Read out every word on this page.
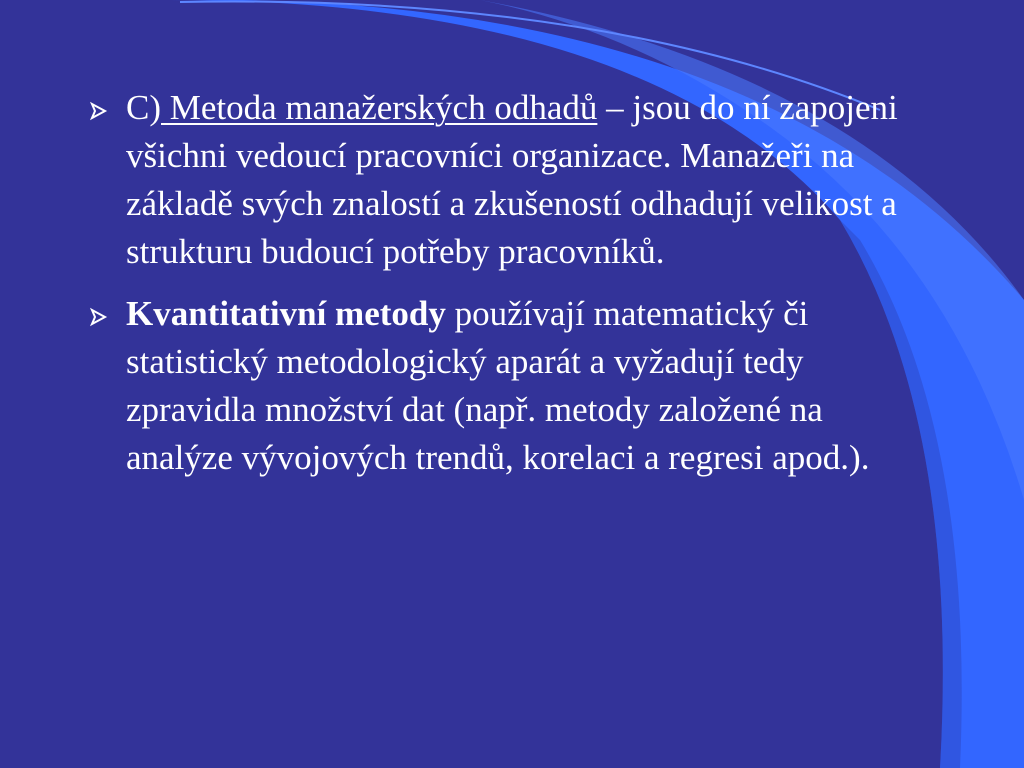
C) Metoda manažerských odhadů – jsou do ní zapojeni všichni vedoucí pracovníci organizace. Manažeři na základě svých znalostí a zkušeností odhadují velikost a strukturu budoucí potřeby pracovníků.

Kvantitativní metody používají matematický či statistický metodologický aparát a vyžadují tedy zpravidla množství dat (např. metody založené na analýze vývojových trendů, korelaci a regresi apod.).
